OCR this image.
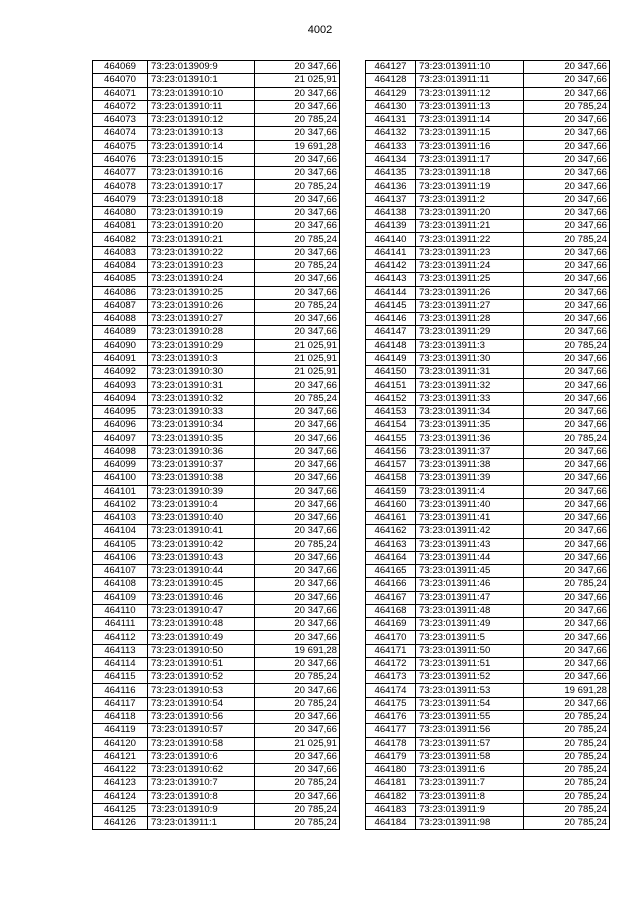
4002
464069	73:23:013909:9	20 347,66
464070	73:23:013910:1	21 025,91
464071	73:23:013910:10	20 347,66
464072	73:23:013910:11	20 347,66
464073	73:23:013910:12	20 785,24
464074	73:23:013910:13	20 347,66
464075	73:23:013910:14	19 691,28
464076	73:23:013910:15	20 347,66
464077	73:23:013910:16	20 347,66
464078	73:23:013910:17	20 785,24
464079	73:23:013910:18	20 347,66
464080	73:23:013910:19	20 347,66
464081	73:23:013910:20	20 347,66
464082	73:23:013910:21	20 785,24
464083	73:23:013910:22	20 347,66
464084	73:23:013910:23	20 785,24
464085	73:23:013910:24	20 347,66
464086	73:23:013910:25	20 347,66
464087	73:23:013910:26	20 785,24
464088	73:23:013910:27	20 347,66
464089	73:23:013910:28	20 347,66
464090	73:23:013910:29	21 025,91
464091	73:23:013910:3	21 025,91
464092	73:23:013910:30	21 025,91
464093	73:23:013910:31	20 347,66
464094	73:23:013910:32	20 785,24
464095	73:23:013910:33	20 347,66
464096	73:23:013910:34	20 347,66
464097	73:23:013910:35	20 347,66
464098	73:23:013910:36	20 347,66
464099	73:23:013910:37	20 347,66
464100	73:23:013910:38	20 347,66
464101	73:23:013910:39	20 347,66
464102	73:23:013910:4	20 347,66
464103	73:23:013910:40	20 347,66
464104	73:23:013910:41	20 347,66
464105	73:23:013910:42	20 785,24
464106	73:23:013910:43	20 347,66
464107	73:23:013910:44	20 347,66
464108	73:23:013910:45	20 347,66
464109	73:23:013910:46	20 347,66
464110	73:23:013910:47	20 347,66
464111	73:23:013910:48	20 347,66
464112	73:23:013910:49	20 347,66
464113	73:23:013910:50	19 691,28
464114	73:23:013910:51	20 347,66
464115	73:23:013910:52	20 785,24
464116	73:23:013910:53	20 347,66
464117	73:23:013910:54	20 785,24
464118	73:23:013910:56	20 347,66
464119	73:23:013910:57	20 347,66
464120	73:23:013910:58	21 025,91
464121	73:23:013910:6	20 347,66
464122	73:23:013910:62	20 347,66
464123	73:23:013910:7	20 785,24
464124	73:23:013910:8	20 347,66
464125	73:23:013910:9	20 785,24
464126	73:23:013911:1	20 785,24
464127	73:23:013911:10	20 347,66
464128	73:23:013911:11	20 347,66
464129	73:23:013911:12	20 347,66
464130	73:23:013911:13	20 785,24
464131	73:23:013911:14	20 347,66
464132	73:23:013911:15	20 347,66
464133	73:23:013911:16	20 347,66
464134	73:23:013911:17	20 347,66
464135	73:23:013911:18	20 347,66
464136	73:23:013911:19	20 347,66
464137	73:23:013911:2	20 347,66
464138	73:23:013911:20	20 347,66
464139	73:23:013911:21	20 347,66
464140	73:23:013911:22	20 785,24
464141	73:23:013911:23	20 347,66
464142	73:23:013911:24	20 347,66
464143	73:23:013911:25	20 347,66
464144	73:23:013911:26	20 347,66
464145	73:23:013911:27	20 347,66
464146	73:23:013911:28	20 347,66
464147	73:23:013911:29	20 347,66
464148	73:23:013911:3	20 785,24
464149	73:23:013911:30	20 347,66
464150	73:23:013911:31	20 347,66
464151	73:23:013911:32	20 347,66
464152	73:23:013911:33	20 347,66
464153	73:23:013911:34	20 347,66
464154	73:23:013911:35	20 347,66
464155	73:23:013911:36	20 785,24
464156	73:23:013911:37	20 347,66
464157	73:23:013911:38	20 347,66
464158	73:23:013911:39	20 347,66
464159	73:23:013911:4	20 347,66
464160	73:23:013911:40	20 347,66
464161	73:23:013911:41	20 347,66
464162	73:23:013911:42	20 347,66
464163	73:23:013911:43	20 347,66
464164	73:23:013911:44	20 347,66
464165	73:23:013911:45	20 347,66
464166	73:23:013911:46	20 785,24
464167	73:23:013911:47	20 347,66
464168	73:23:013911:48	20 347,66
464169	73:23:013911:49	20 347,66
464170	73:23:013911:5	20 347,66
464171	73:23:013911:50	20 347,66
464172	73:23:013911:51	20 347,66
464173	73:23:013911:52	20 347,66
464174	73:23:013911:53	19 691,28
464175	73:23:013911:54	20 347,66
464176	73:23:013911:55	20 785,24
464177	73:23:013911:56	20 785,24
464178	73:23:013911:57	20 785,24
464179	73:23:013911:58	20 785,24
464180	73:23:013911:6	20 785,24
464181	73:23:013911:7	20 785,24
464182	73:23:013911:8	20 785,24
464183	73:23:013911:9	20 785,24
464184	73:23:013911:98	20 785,24
